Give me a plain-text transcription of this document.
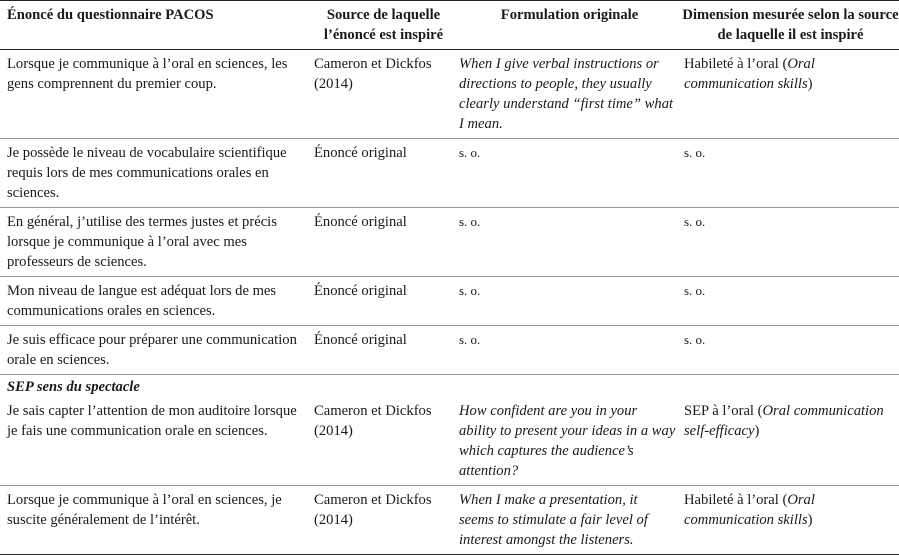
Énoncé du questionnaire PACOS	Source de laquelle l’énoncé est inspiré	Formulation originale	Dimension mesurée selon la source de laquelle il est inspiré
Lorsque je communique à l’oral en sciences, les gens comprennent du premier coup.	Cameron et Dickfos (2014)	When I give verbal instructions or directions to people, they usually clearly understand “first time” what I mean.	Habileté à l’oral (Oral communication skills)
Je possède le niveau de vocabulaire scientifique requis lors de mes communications orales en sciences.	Énoncé original	s. o.	s. o.
En général, j’utilise des termes justes et précis lorsque je communique à l’oral avec mes professeurs de sciences.	Énoncé original	s. o.	s. o.
Mon niveau de langue est adéquat lors de mes communications orales en sciences.	Énoncé original	s. o.	s. o.
Je suis efficace pour préparer une communication orale en sciences.	Énoncé original	s. o.	s. o.
SEP sens du spectacle			
Je sais capter l’attention de mon auditoire lorsque je fais une communication orale en sciences.	Cameron et Dickfos (2014)	How confident are you in your ability to present your ideas in a way which captures the audience’s attention?	SEP à l’oral (Oral communication self-efficacy)
Lorsque je communique à l’oral en sciences, je suscite généralement de l’intérêt.	Cameron et Dickfos (2014)	When I make a presentation, it seems to stimulate a fair level of interest amongst the listeners.	Habileté à l’oral (Oral communication skills)
